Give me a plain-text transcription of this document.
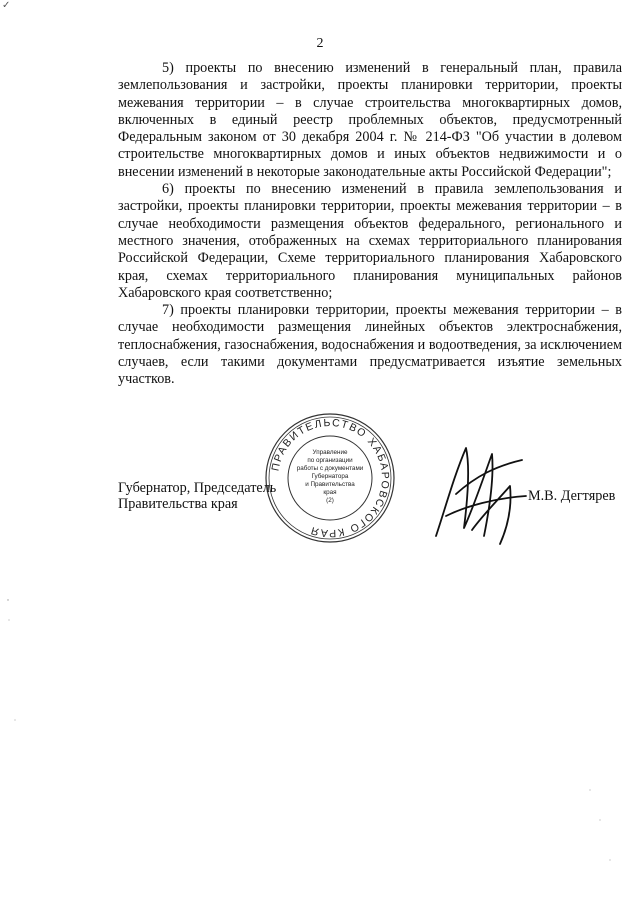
✓
2

5) проекты по внесению изменений в генеральный план, правила землепользования и застройки, проекты планировки территории, проекты межевания территории – в случае строительства многоквартирных домов, включенных в единый реестр проблемных объектов, предусмотренный Федеральным законом от 30 декабря 2004 г. № 214-ФЗ "Об участии в долевом строительстве многоквартирных домов и иных объектов недвижимости и о внесении изменений в некоторые законодательные акты Российской Федерации";

6) проекты по внесению изменений в правила землепользования и застройки, проекты планировки территории, проекты межевания территории – в случае необходимости размещения объектов федерального, регионального и местного значения, отображенных на схемах территориального планирования Российской Федерации, Схеме территориального планирования Хабаровского края, схемах территориального планирования муниципальных районов Хабаровского края соответственно;

7) проекты планировки территории, проекты межевания территории – в случае необходимости размещения линейных объектов электроснабжения, теплоснабжения, газоснабжения, водоснабжения и водоотведения, за исключением случаев, если такими документами предусматривается изъятие земельных участков.

ПРАВИТЕЛЬСТВО ХАБАРОВСКОГО КРАЯ
Управление
по организации
работы с документами
Губернатора
и Правительства
края
(2)
Губернатор, Председатель
Правительства края	М.В. Дегтярев
